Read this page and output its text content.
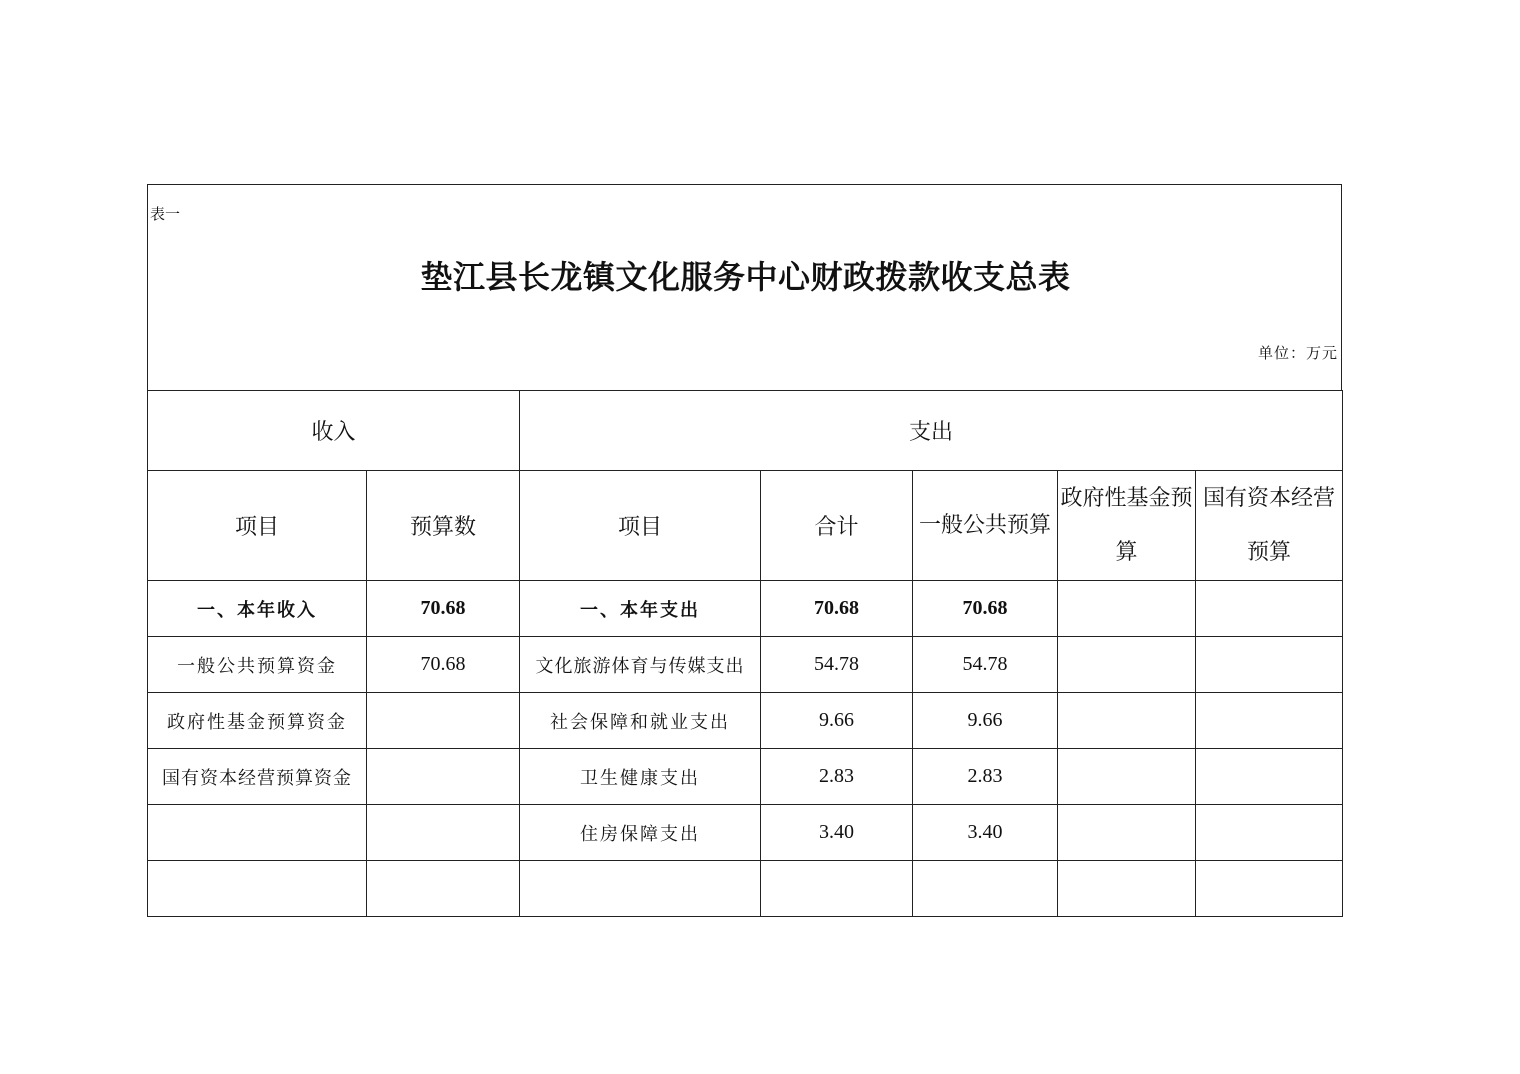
表一
垫江县长龙镇文化服务中心财政拨款收支总表
单位：万元
收入		支出				
项目	预算数	项目	合计	一般公共预算	政府性基金预算	国有资本经营预算
一、本年收入	70.68	一、本年支出	70.68	70.68		
一般公共预算资金	70.68	文化旅游体育与传媒支出	54.78	54.78		
政府性基金预算资金		社会保障和就业支出	9.66	9.66		
国有资本经营预算资金		卫生健康支出	2.83	2.83		
		住房保障支出	3.40	3.40		
